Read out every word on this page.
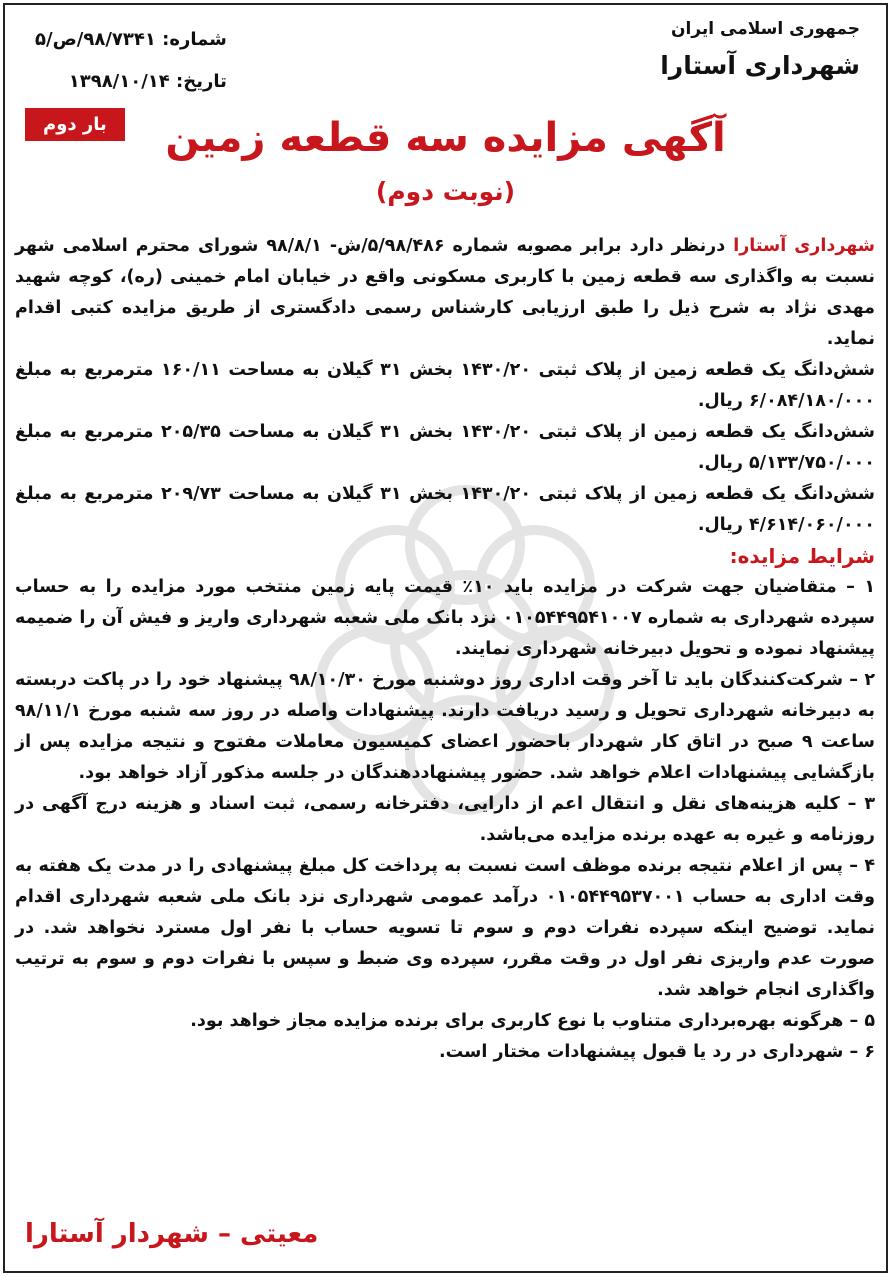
جمهوری اسلامی ایران
شهرداری آستارا
شماره: ۹۸/۷۳۴۱/ص/۵
تاریخ: ۱۳۹۸/۱۰/۱۴
بار دوم	آگهی مزایده سه قطعه زمین
(نوبت دوم)

شهرداری آستارا درنظر دارد برابر مصوبه شماره ۵/۹۸/۴۸۶/ش- ۹۸/۸/۱ شورای محترم اسلامی شهر نسبت به واگذاری سه قطعه زمین با کاربری مسکونی واقع در خیابان امام خمینی (ره)، کوچه شهید مهدی نژاد به شرح ذیل را طبق ارزیابی کارشناس رسمی دادگستری از طریق مزایده کتبی اقدام نماید.

شش‌دانگ یک قطعه زمین از پلاک ثبتی ۱۴۳۰/۲۰ بخش ۳۱ گیلان به مساحت ۱۶۰/۱۱ مترمربع به مبلغ ۶/۰۸۴/۱۸۰/۰۰۰ ریال.

شش‌دانگ یک قطعه زمین از پلاک ثبتی ۱۴۳۰/۲۰ بخش ۳۱ گیلان به مساحت ۲۰۵/۳۵ مترمربع به مبلغ ۵/۱۳۳/۷۵۰/۰۰۰ ریال.

شش‌دانگ یک قطعه زمین از پلاک ثبتی ۱۴۳۰/۲۰ بخش ۳۱ گیلان به مساحت ۲۰۹/۷۳ مترمربع به مبلغ ۴/۶۱۴/۰۶۰/۰۰۰ ریال.

شرایط مزایده:

۱ – متقاضیان جهت شرکت در مزایده باید ۱۰٪ قیمت پایه زمین منتخب مورد مزایده را به حساب سپرده شهرداری به شماره ۰۱۰۵۴۴۹۵۴۱۰۰۷ نزد بانک ملی شعبه شهرداری واریز و فیش آن را ضمیمه پیشنهاد نموده و تحویل دبیرخانه شهرداری نمایند.

۲ – شرکت‌کنندگان باید تا آخر وقت اداری روز دوشنبه مورخ ۹۸/۱۰/۳۰ پیشنهاد خود را در پاکت دربسته به دبیرخانه شهرداری تحویل و رسید دریافت دارند. پیشنهادات واصله در روز سه شنبه مورخ ۹۸/۱۱/۱ ساعت ۹ صبح در اتاق کار شهردار باحضور اعضای کمیسیون معاملات مفتوح و نتیجه مزایده پس از بازگشایی پیشنهادات اعلام خواهد شد. حضور پیشنهاددهندگان در جلسه مذکور آزاد خواهد بود.

۳ – کلیه هزینه‌های نقل و انتقال اعم از دارایی، دفترخانه رسمی، ثبت اسناد و هزینه درج آگهی در روزنامه و غیره به عهده برنده مزایده می‌باشد.

۴ – پس از اعلام نتیجه برنده موظف است نسبت به پرداخت کل مبلغ پیشنهادی را در مدت یک هفته به وقت اداری به حساب ۰۱۰۵۴۴۹۵۳۷۰۰۱ درآمد عمومی شهرداری نزد بانک ملی شعبه شهرداری اقدام نماید. توضیح اینکه سپرده نفرات دوم و سوم تا تسویه حساب با نفر اول مسترد نخواهد شد. در صورت عدم واریزی نفر اول در وقت مقرر، سپرده وی ضبط و سپس با نفرات دوم و سوم به ترتیب واگذاری انجام خواهد شد.

۵ – هرگونه بهره‌برداری متناوب با نوع کاربری برای برنده مزایده مجاز خواهد بود.

۶ – شهرداری در رد یا قبول پیشنهادات مختار است.

معیتی – شهردار آستارا
